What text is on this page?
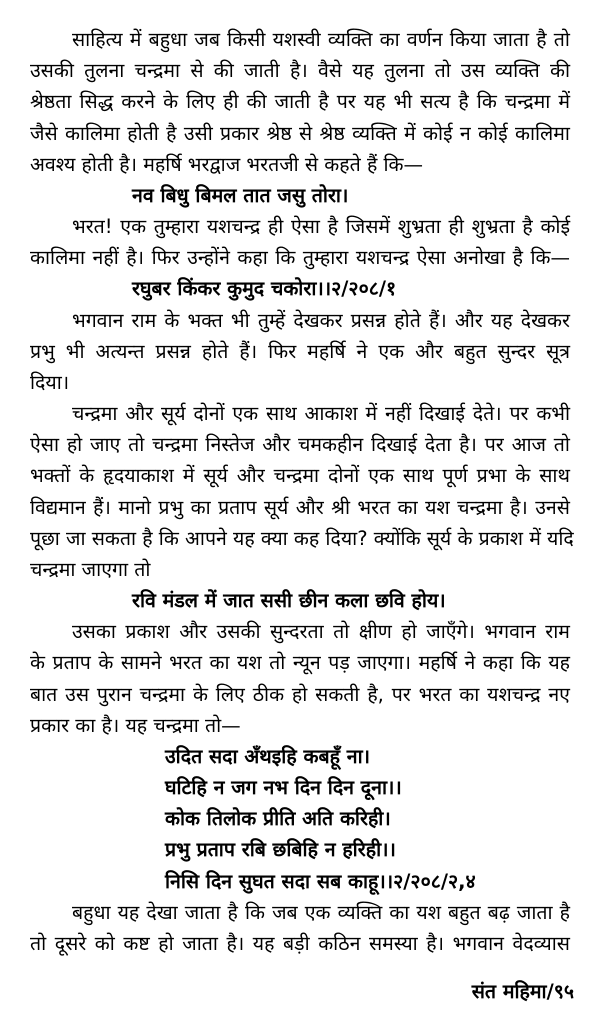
साहित्य में बहुधा जब किसी यशस्वी व्यक्ति का वर्णन किया जाता है तो
उसकी तुलना चन्द्रमा से की जाती है। वैसे यह तुलना तो उस व्यक्ति की
श्रेष्ठता सिद्ध करने के लिए ही की जाती है पर यह भी सत्य है कि चन्द्रमा में
जैसे कालिमा होती है उसी प्रकार श्रेष्ठ से श्रेष्ठ व्यक्ति में कोई न कोई कालिमा
अवश्य होती है। महर्षि भरद्वाज भरतजी से कहते हैं कि—
नव बिधु बिमल तात जसु तोरा।
भरत! एक तुम्हारा यशचन्द्र ही ऐसा है जिसमें शुभ्रता ही शुभ्रता है कोई
कालिमा नहीं है। फिर उन्होंने कहा कि तुम्हारा यशचन्द्र ऐसा अनोखा है कि—
रघुबर किंकर कुमुद चकोरा।।२/२०८/१
भगवान राम के भक्त भी तुम्हें देखकर प्रसन्न होते हैं। और यह देखकर
प्रभु भी अत्यन्त प्रसन्न होते हैं। फिर महर्षि ने एक और बहुत सुन्दर सूत्र
दिया।
चन्द्रमा और सूर्य दोनों एक साथ आकाश में नहीं दिखाई देते। पर कभी
ऐसा हो जाए तो चन्द्रमा निस्तेज और चमकहीन दिखाई देता है। पर आज तो
भक्तों के हृदयाकाश में सूर्य और चन्द्रमा दोनों एक साथ पूर्ण प्रभा के साथ
विद्यमान हैं। मानो प्रभु का प्रताप सूर्य और श्री भरत का यश चन्द्रमा है। उनसे
पूछा जा सकता है कि आपने यह क्या कह दिया? क्योंकि सूर्य के प्रकाश में यदि
चन्द्रमा जाएगा तो
रवि मंडल में जात ससी छीन कला छवि होय।
उसका प्रकाश और उसकी सुन्दरता तो क्षीण हो जाएँगे। भगवान राम
के प्रताप के सामने भरत का यश तो न्यून पड़ जाएगा। महर्षि ने कहा कि यह
बात उस पुरान चन्द्रमा के लिए ठीक हो सकती है, पर भरत का यशचन्द्र नए
प्रकार का है। यह चन्द्रमा तो—
उदित सदा अँथइहि कबहूँ ना।
घटिहि न जग नभ दिन दिन दूना।।
कोक तिलोक प्रीति अति करिही।
प्रभु प्रताप रबि छबिहि न हरिही।।
निसि दिन सुघत सदा सब काहू।।२/२०८/२,४
बहुधा यह देखा जाता है कि जब एक व्यक्ति का यश बहुत बढ़ जाता है
तो दूसरे को कष्ट हो जाता है। यह बड़ी कठिन समस्या है। भगवान वेदव्यास
संत महिमा/९५
